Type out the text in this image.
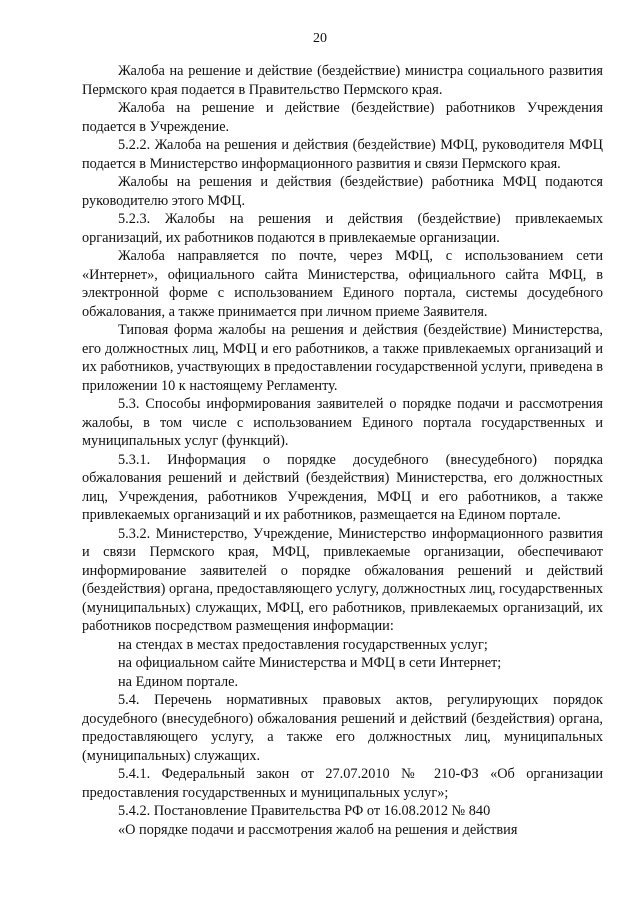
20

Жалоба на решение и действие (бездействие) министра социального развития Пермского края подается в Правительство Пермского края.

Жалоба на решение и действие (бездействие) работников Учреждения подается в Учреждение.

5.2.2. Жалоба на решения и действия (бездействие) МФЦ, руководителя МФЦ подается в Министерство информационного развития и связи Пермского края.

Жалобы на решения и действия (бездействие) работника МФЦ подаются руководителю этого МФЦ.

5.2.3. Жалобы на решения и действия (бездействие) привлекаемых организаций, их работников подаются в привлекаемые организации.

Жалоба направляется по почте, через МФЦ, с использованием сети «Интернет», официального сайта Министерства, официального сайта МФЦ, в электронной форме с использованием Единого портала, системы досудебного обжалования, а также принимается при личном приеме Заявителя.

Типовая форма жалобы на решения и действия (бездействие) Министерства, его должностных лиц, МФЦ и его работников, а также привлекаемых организаций и их работников, участвующих в предоставлении государственной услуги, приведена в приложении 10 к настоящему Регламенту.

5.3. Способы информирования заявителей о порядке подачи и рассмотрения жалобы, в том числе с использованием Единого портала государственных и муниципальных услуг (функций).

5.3.1. Информация о порядке досудебного (внесудебного) порядка обжалования решений и действий (бездействия) Министерства, его должностных лиц, Учреждения, работников Учреждения, МФЦ и его работников, а также привлекаемых организаций и их работников, размещается на Едином портале.

5.3.2. Министерство, Учреждение, Министерство информационного развития и связи Пермского края, МФЦ, привлекаемые организации, обеспечивают информирование заявителей о порядке обжалования решений и действий (бездействия) органа, предоставляющего услугу, должностных лиц, государственных (муниципальных) служащих, МФЦ, его работников, привлекаемых организаций, их работников посредством размещения информации:

на стендах в местах предоставления государственных услуг;

на официальном сайте Министерства и МФЦ в сети Интернет;

на Едином портале.

5.4. Перечень нормативных правовых актов, регулирующих порядок досудебного (внесудебного) обжалования решений и действий (бездействия) органа, предоставляющего услугу, а также его должностных лиц, муниципальных (муниципальных) служащих.

5.4.1. Федеральный закон от 27.07.2010 № 210-ФЗ «Об организации предоставления государственных и муниципальных услуг»;

5.4.2. Постановление Правительства РФ от 16.08.2012 № 840

«О порядке подачи и рассмотрения жалоб на решения и действия
